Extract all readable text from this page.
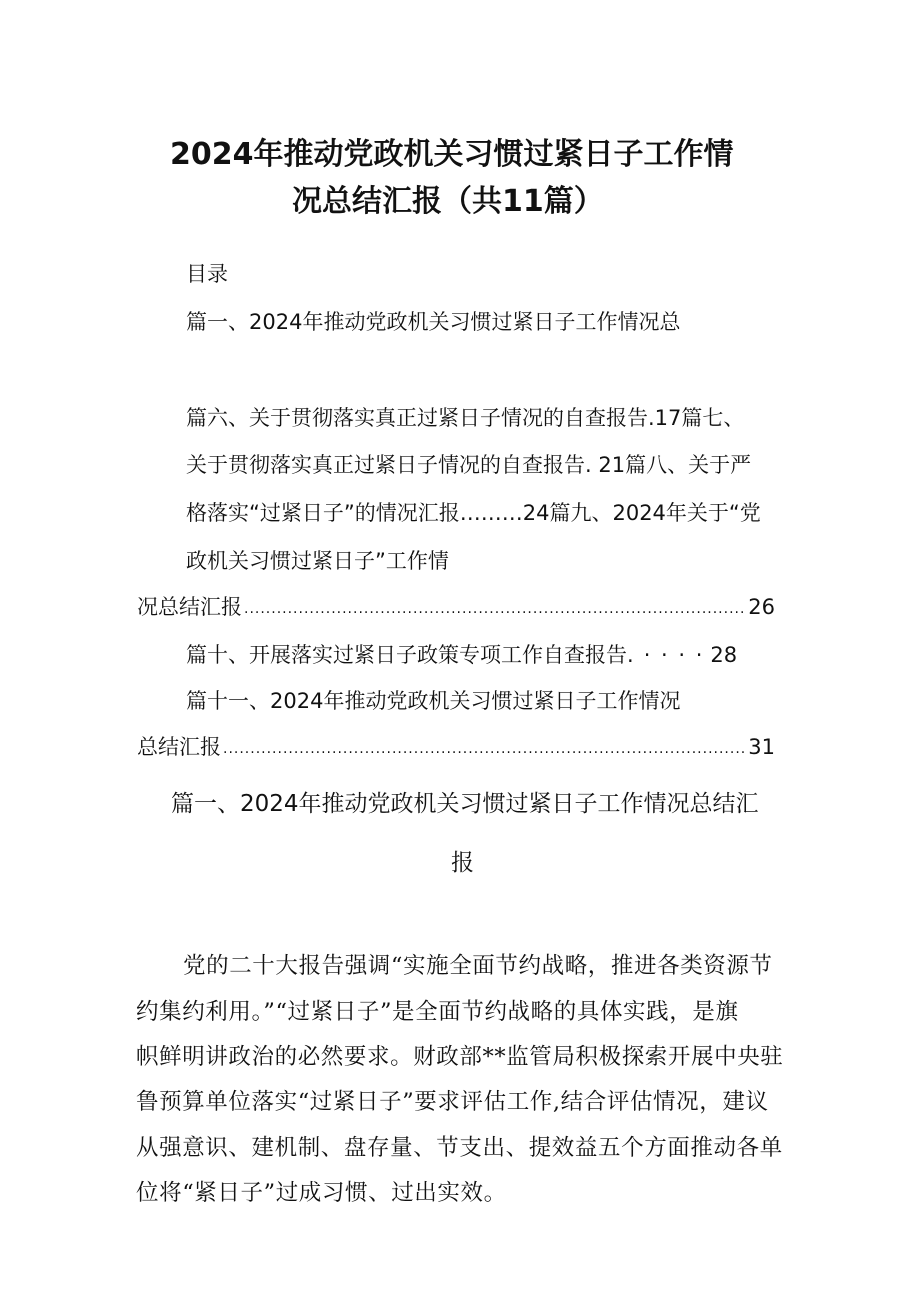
2024年推动党政机关习惯过紧日子工作情
况总结汇报（共11篇）
目录
篇一、2024年推动党政机关习惯过紧日子工作情况总
篇六、关于贯彻落实真正过紧日子情况的自查报告.17篇七、
关于贯彻落实真正过紧日子情况的自查报告. 21篇八、关于严
格落实“过紧日子”的情况汇报………24篇九、2024年关于“党
政机关习惯过紧日子”工作情
况总结汇报 .....	26
篇十、开展落实过紧日子政策专项工作自查报告. · · · · 28
篇十一、2024年推动党政机关习惯过紧日子工作情况
总结汇报 .....	31
篇一、2024年推动党政机关习惯过紧日子工作情况总结汇
报
党的二十大报告强调“实施全面节约战略，推进各类资源节
约集约利用。”“过紧日子”是全面节约战略的具体实践，是旗
帜鲜明讲政治的必然要求。财政部**监管局积极探索开展中央驻
鲁预算单位落实“过紧日子”要求评估工作,结合评估情况，建议
从强意识、建机制、盘存量、节支出、提效益五个方面推动各单
位将“紧日子”过成习惯、过出实效。
